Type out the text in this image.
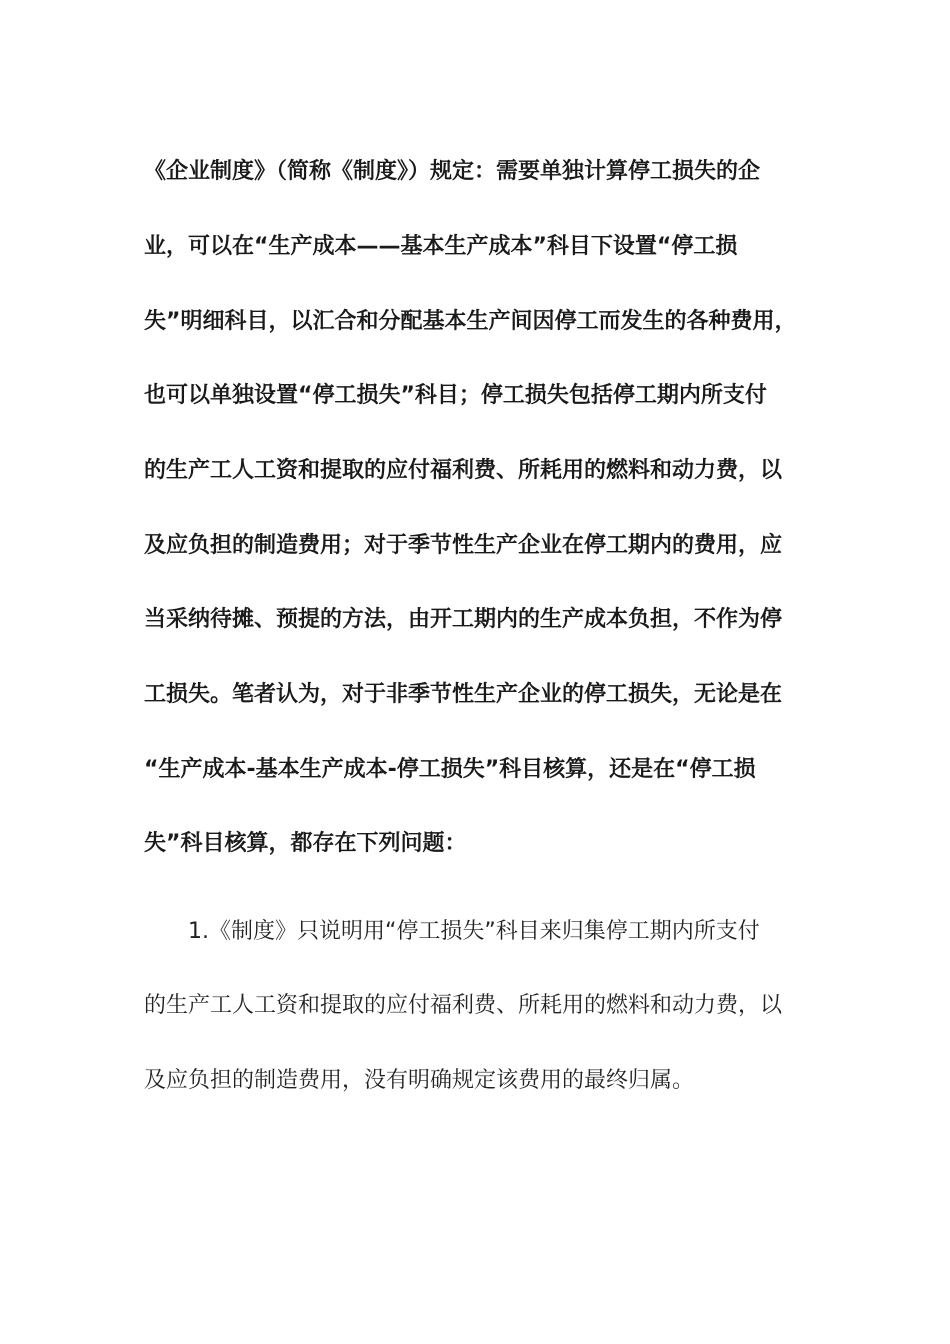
《企业制度》（简称《制度》）规定：需要单独计算停工损失的企
业，可以在“生产成本——基本生产成本”科目下设置“停工损
失”明细科目，以汇合和分配基本生产间因停工而发生的各种费用，
也可以单独设置“停工损失”科目；停工损失包括停工期内所支付
的生产工人工资和提取的应付福利费、所耗用的燃料和动力费，以
及应负担的制造费用；对于季节性生产企业在停工期内的费用，应
当采纳待摊、预提的方法，由开工期内的生产成本负担，不作为停
工损失。笔者认为，对于非季节性生产企业的停工损失，无论是在
“生产成本-基本生产成本-停工损失”科目核算，还是在“停工损
失”科目核算，都存在下列问题：
1.《制度》只说明用“停工损失”科目来归集停工期内所支付
的生产工人工资和提取的应付福利费、所耗用的燃料和动力费，以
及应负担的制造费用，没有明确规定该费用的最终归属。
